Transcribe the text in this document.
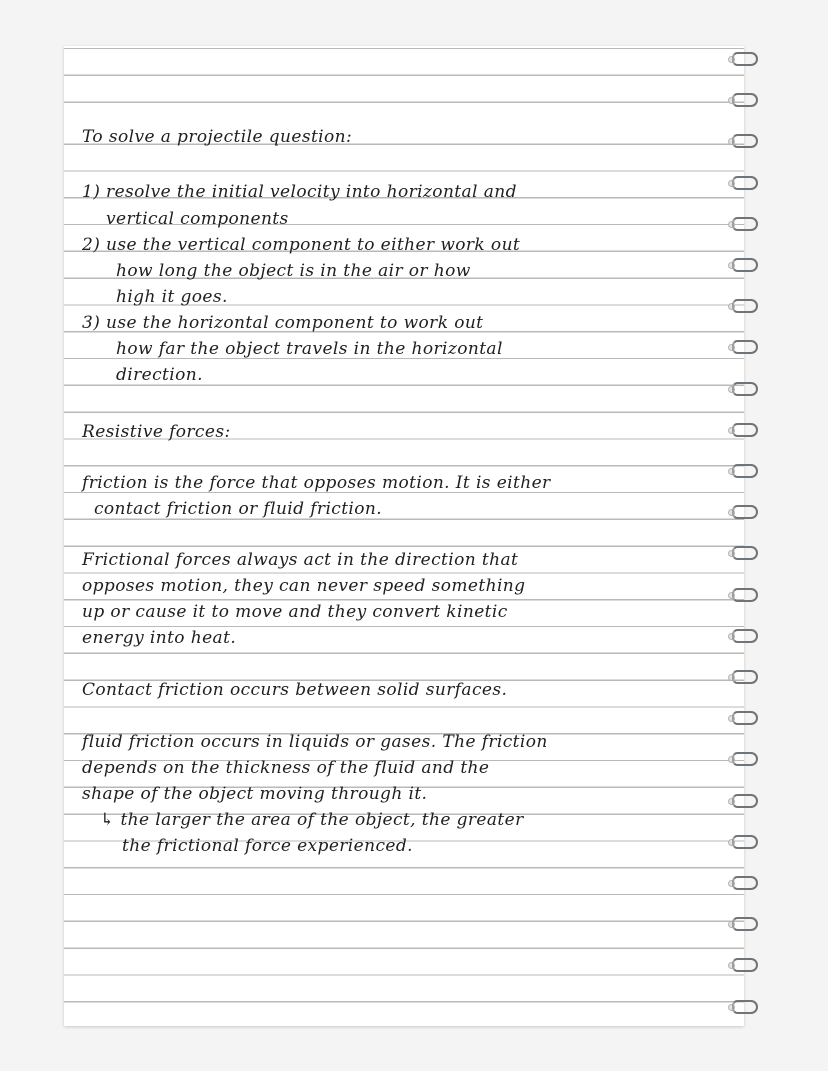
To solve a projectile question:
1) resolve the initial velocity into horizontal and
vertical components
2) use the vertical component to either work out
how long the object is in the air or how
high it goes.
3) use the horizontal component to work out
how far the object travels in the horizontal
direction.
Resistive forces:
friction is the force that opposes motion. It is either
contact friction or fluid friction.
Frictional forces always act in the direction that
opposes motion, they can never speed something
up or cause it to move and they convert kinetic
energy into heat.
Contact friction occurs between solid surfaces.
fluid friction occurs in liquids or gases. The friction
depends on the thickness of the fluid and the
shape of the object moving through it.
↳ the larger the area of the object, the greater
the frictional force experienced.
